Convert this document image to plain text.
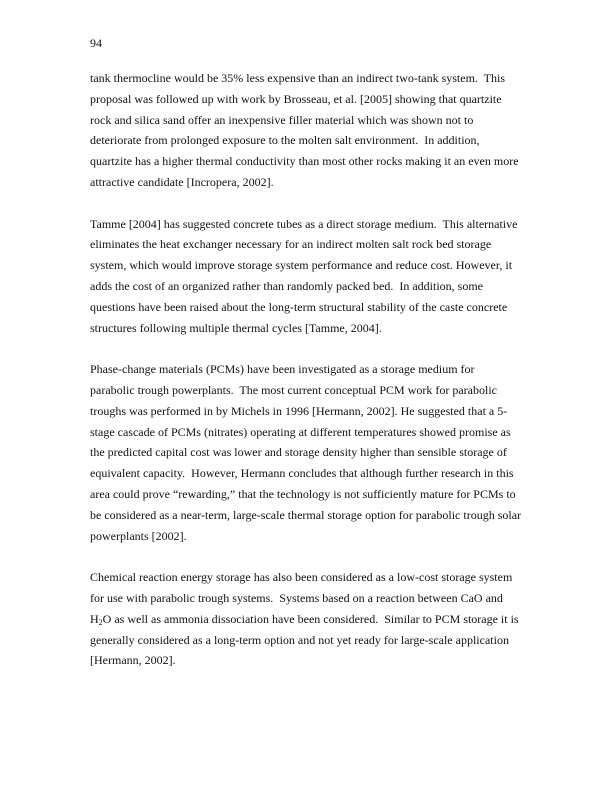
94

tank thermocline would be 35% less expensive than an indirect two-tank system.  This
proposal was followed up with work by Brosseau, et al. [2005] showing that quartzite
rock and silica sand offer an inexpensive filler material which was shown not to
deteriorate from prolonged exposure to the molten salt environment.  In addition,
quartzite has a higher thermal conductivity than most other rocks making it an even more
attractive candidate [Incropera, 2002].

Tamme [2004] has suggested concrete tubes as a direct storage medium.  This alternative
eliminates the heat exchanger necessary for an indirect molten salt rock bed storage
system, which would improve storage system performance and reduce cost. However, it
adds the cost of an organized rather than randomly packed bed.  In addition, some
questions have been raised about the long-term structural stability of the caste concrete
structures following multiple thermal cycles [Tamme, 2004].

Phase-change materials (PCMs) have been investigated as a storage medium for
parabolic trough powerplants.  The most current conceptual PCM work for parabolic
troughs was performed in by Michels in 1996 [Hermann, 2002]. He suggested that a 5-
stage cascade of PCMs (nitrates) operating at different temperatures showed promise as
the predicted capital cost was lower and storage density higher than sensible storage of
equivalent capacity.  However, Hermann concludes that although further research in this
area could prove “rewarding,” that the technology is not sufficiently mature for PCMs to
be considered as a near-term, large-scale thermal storage option for parabolic trough solar
powerplants [2002].

Chemical reaction energy storage has also been considered as a low-cost storage system
for use with parabolic trough systems.  Systems based on a reaction between CaO and
$H_2O$ as well as ammonia dissociation have been considered.  Similar to PCM storage it is
generally considered as a long-term option and not yet ready for large-scale application
[Hermann, 2002].
